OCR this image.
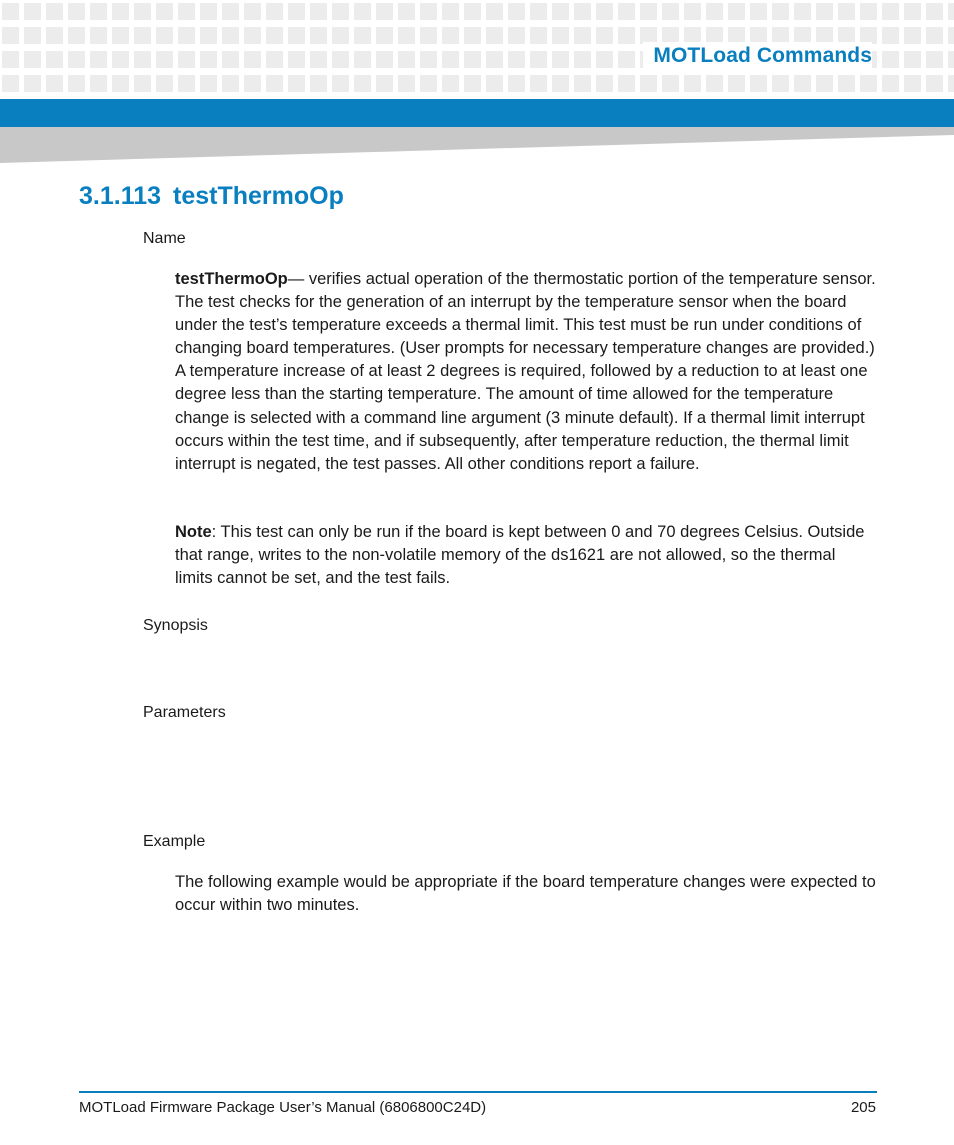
MOTLoad Commands
3.1.113 testThermoOp
Name

testThermoOp— verifies actual operation of the thermostatic portion of the temperature sensor. The test checks for the generation of an interrupt by the temperature sensor when the board under the test’s temperature exceeds a thermal limit. This test must be run under conditions of changing board temperatures. (User prompts for necessary temperature changes are provided.) A temperature increase of at least 2 degrees is required, followed by a reduction to at least one degree less than the starting temperature. The amount of time allowed for the temperature change is selected with a command line argument (3 minute default). If a thermal limit interrupt occurs within the test time, and if subsequently, after temperature reduction, the thermal limit interrupt is negated, the test passes. All other conditions report a failure.

Note: This test can only be run if the board is kept between 0 and 70 degrees Celsius. Outside that range, writes to the non-volatile memory of the ds1621 are not allowed, so the thermal limits cannot be set, and the test fails.

Synopsis
Parameters
Example

The following example would be appropriate if the board temperature changes were expected to occur within two minutes.

MOTLoad Firmware Package User’s Manual (6806800C24D)	205
